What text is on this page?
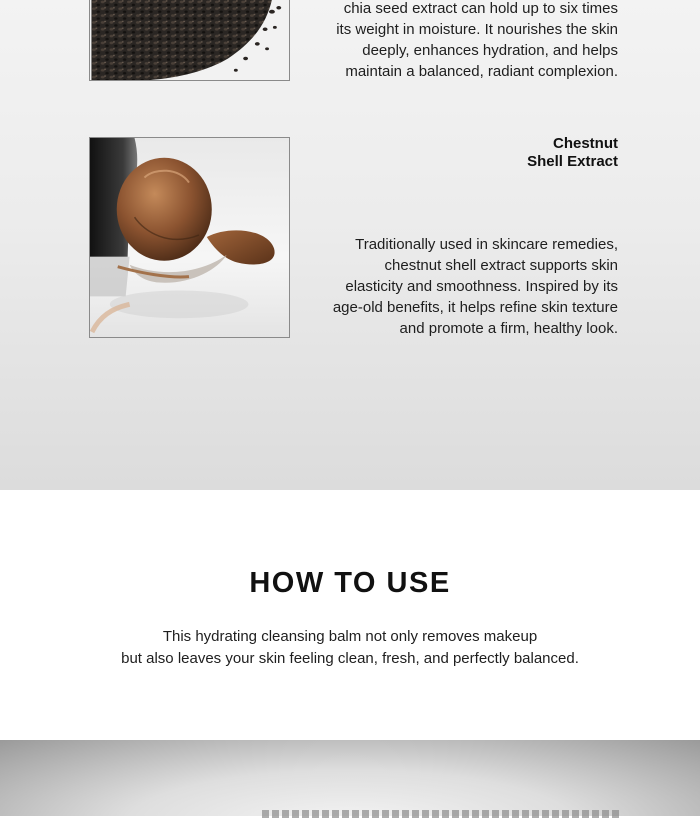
chia seed extract can hold up to six times
its weight in moisture. It nourishes the skin
deeply, enhances hydration, and helps
maintain a balanced, radiant complexion.
Chestnut
Shell Extract
Traditionally used in skincare remedies,
chestnut shell extract supports skin
elasticity and smoothness. Inspired by its
age-old benefits, it helps refine skin texture
and promote a firm, healthy look.
HOW TO USE
This hydrating cleansing balm not only removes makeup
but also leaves your skin feeling clean, fresh, and perfectly balanced.
